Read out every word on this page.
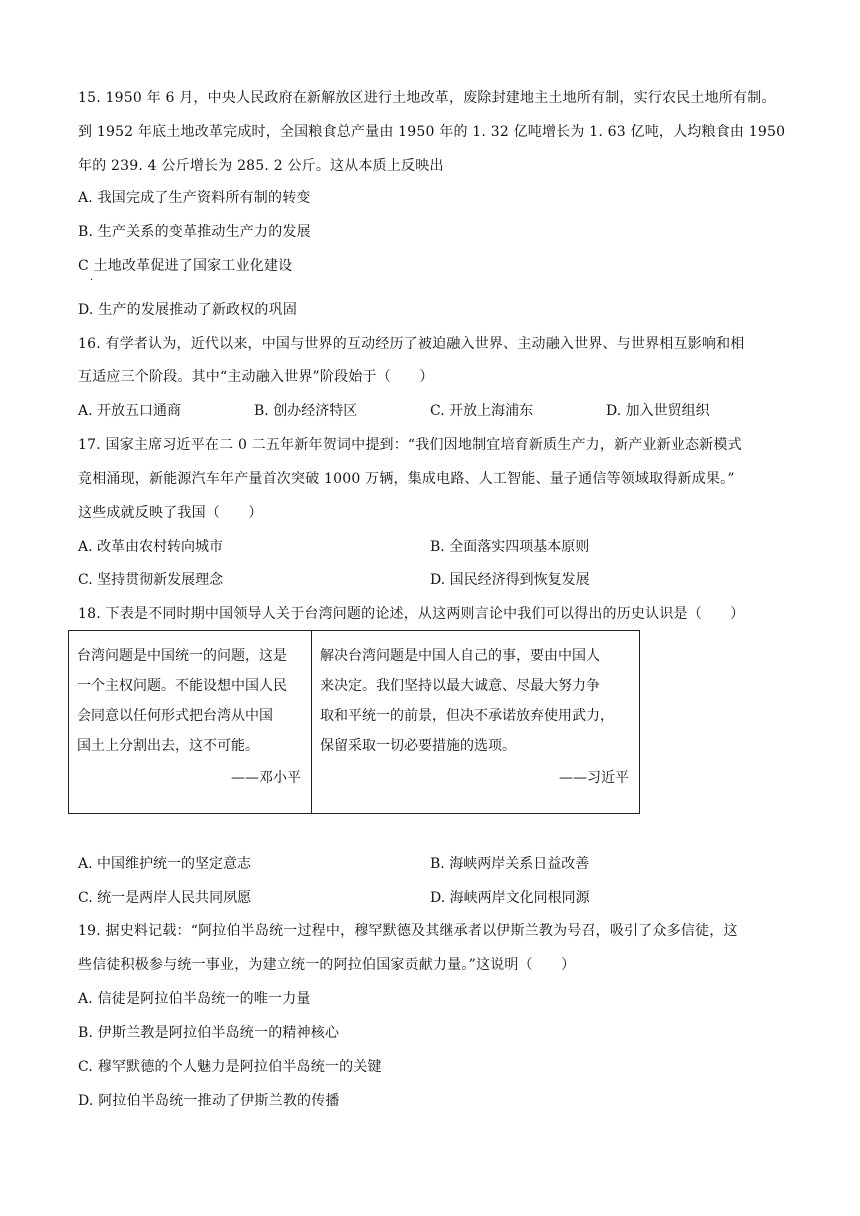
15. 1950 年 6 月，中央人民政府在新解放区进行土地改革，废除封建地主土地所有制，实行农民土地所有制。
到 1952 年底土地改革完成时，全国粮食总产量由 1950 年的 1. 32 亿吨增长为 1. 63 亿吨，人均粮食由 1950
年的 239. 4 公斤增长为 285. 2 公斤。这从本质上反映出
A. 我国完成了生产资料所有制的转变
B. 生产关系的变革推动生产力的发展
C 土地改革促进了国家工业化建设
·
D. 生产的发展推动了新政权的巩固
16. 有学者认为，近代以来，中国与世界的互动经历了被迫融入世界、主动融入世界、与世界相互影响和相
互适应三个阶段。其中“主动融入世界”阶段始于（　　）
A. 开放五口通商	B. 创办经济特区	C. 开放上海浦东	D. 加入世贸组织
17. 国家主席习近平在二 0 二五年新年贺词中提到：“我们因地制宜培育新质生产力，新产业新业态新模式
竞相涌现，新能源汽车年产量首次突破 1000 万辆，集成电路、人工智能、量子通信等领域取得新成果。”
这些成就反映了我国（　　）
A. 改革由农村转向城市	B. 全面落实四项基本原则
C. 坚持贯彻新发展理念	D. 国民经济得到恢复发展
18. 下表是不同时期中国领导人关于台湾问题的论述，从这两则言论中我们可以得出的历史认识是（　　）
台湾问题是中国统一的问题，这是
一个主权问题。不能设想中国人民
会同意以任何形式把台湾从中国
国土上分割出去，这不可能。
——邓小平

解决台湾问题是中国人自己的事，要由中国人
来决定。我们坚持以最大诚意、尽最大努力争
取和平统一的前景，但决不承诺放弃使用武力，
保留采取一切必要措施的选项。
——习近平
A. 中国维护统一的坚定意志	B. 海峡两岸关系日益改善
C. 统一是两岸人民共同夙愿	D. 海峡两岸文化同根同源
19. 据史料记载：“阿拉伯半岛统一过程中，穆罕默德及其继承者以伊斯兰教为号召，吸引了众多信徒，这
些信徒积极参与统一事业，为建立统一的阿拉伯国家贡献力量。”这说明（　　）
A. 信徒是阿拉伯半岛统一的唯一力量
B. 伊斯兰教是阿拉伯半岛统一的精神核心
C. 穆罕默德的个人魅力是阿拉伯半岛统一的关键
D. 阿拉伯半岛统一推动了伊斯兰教的传播
